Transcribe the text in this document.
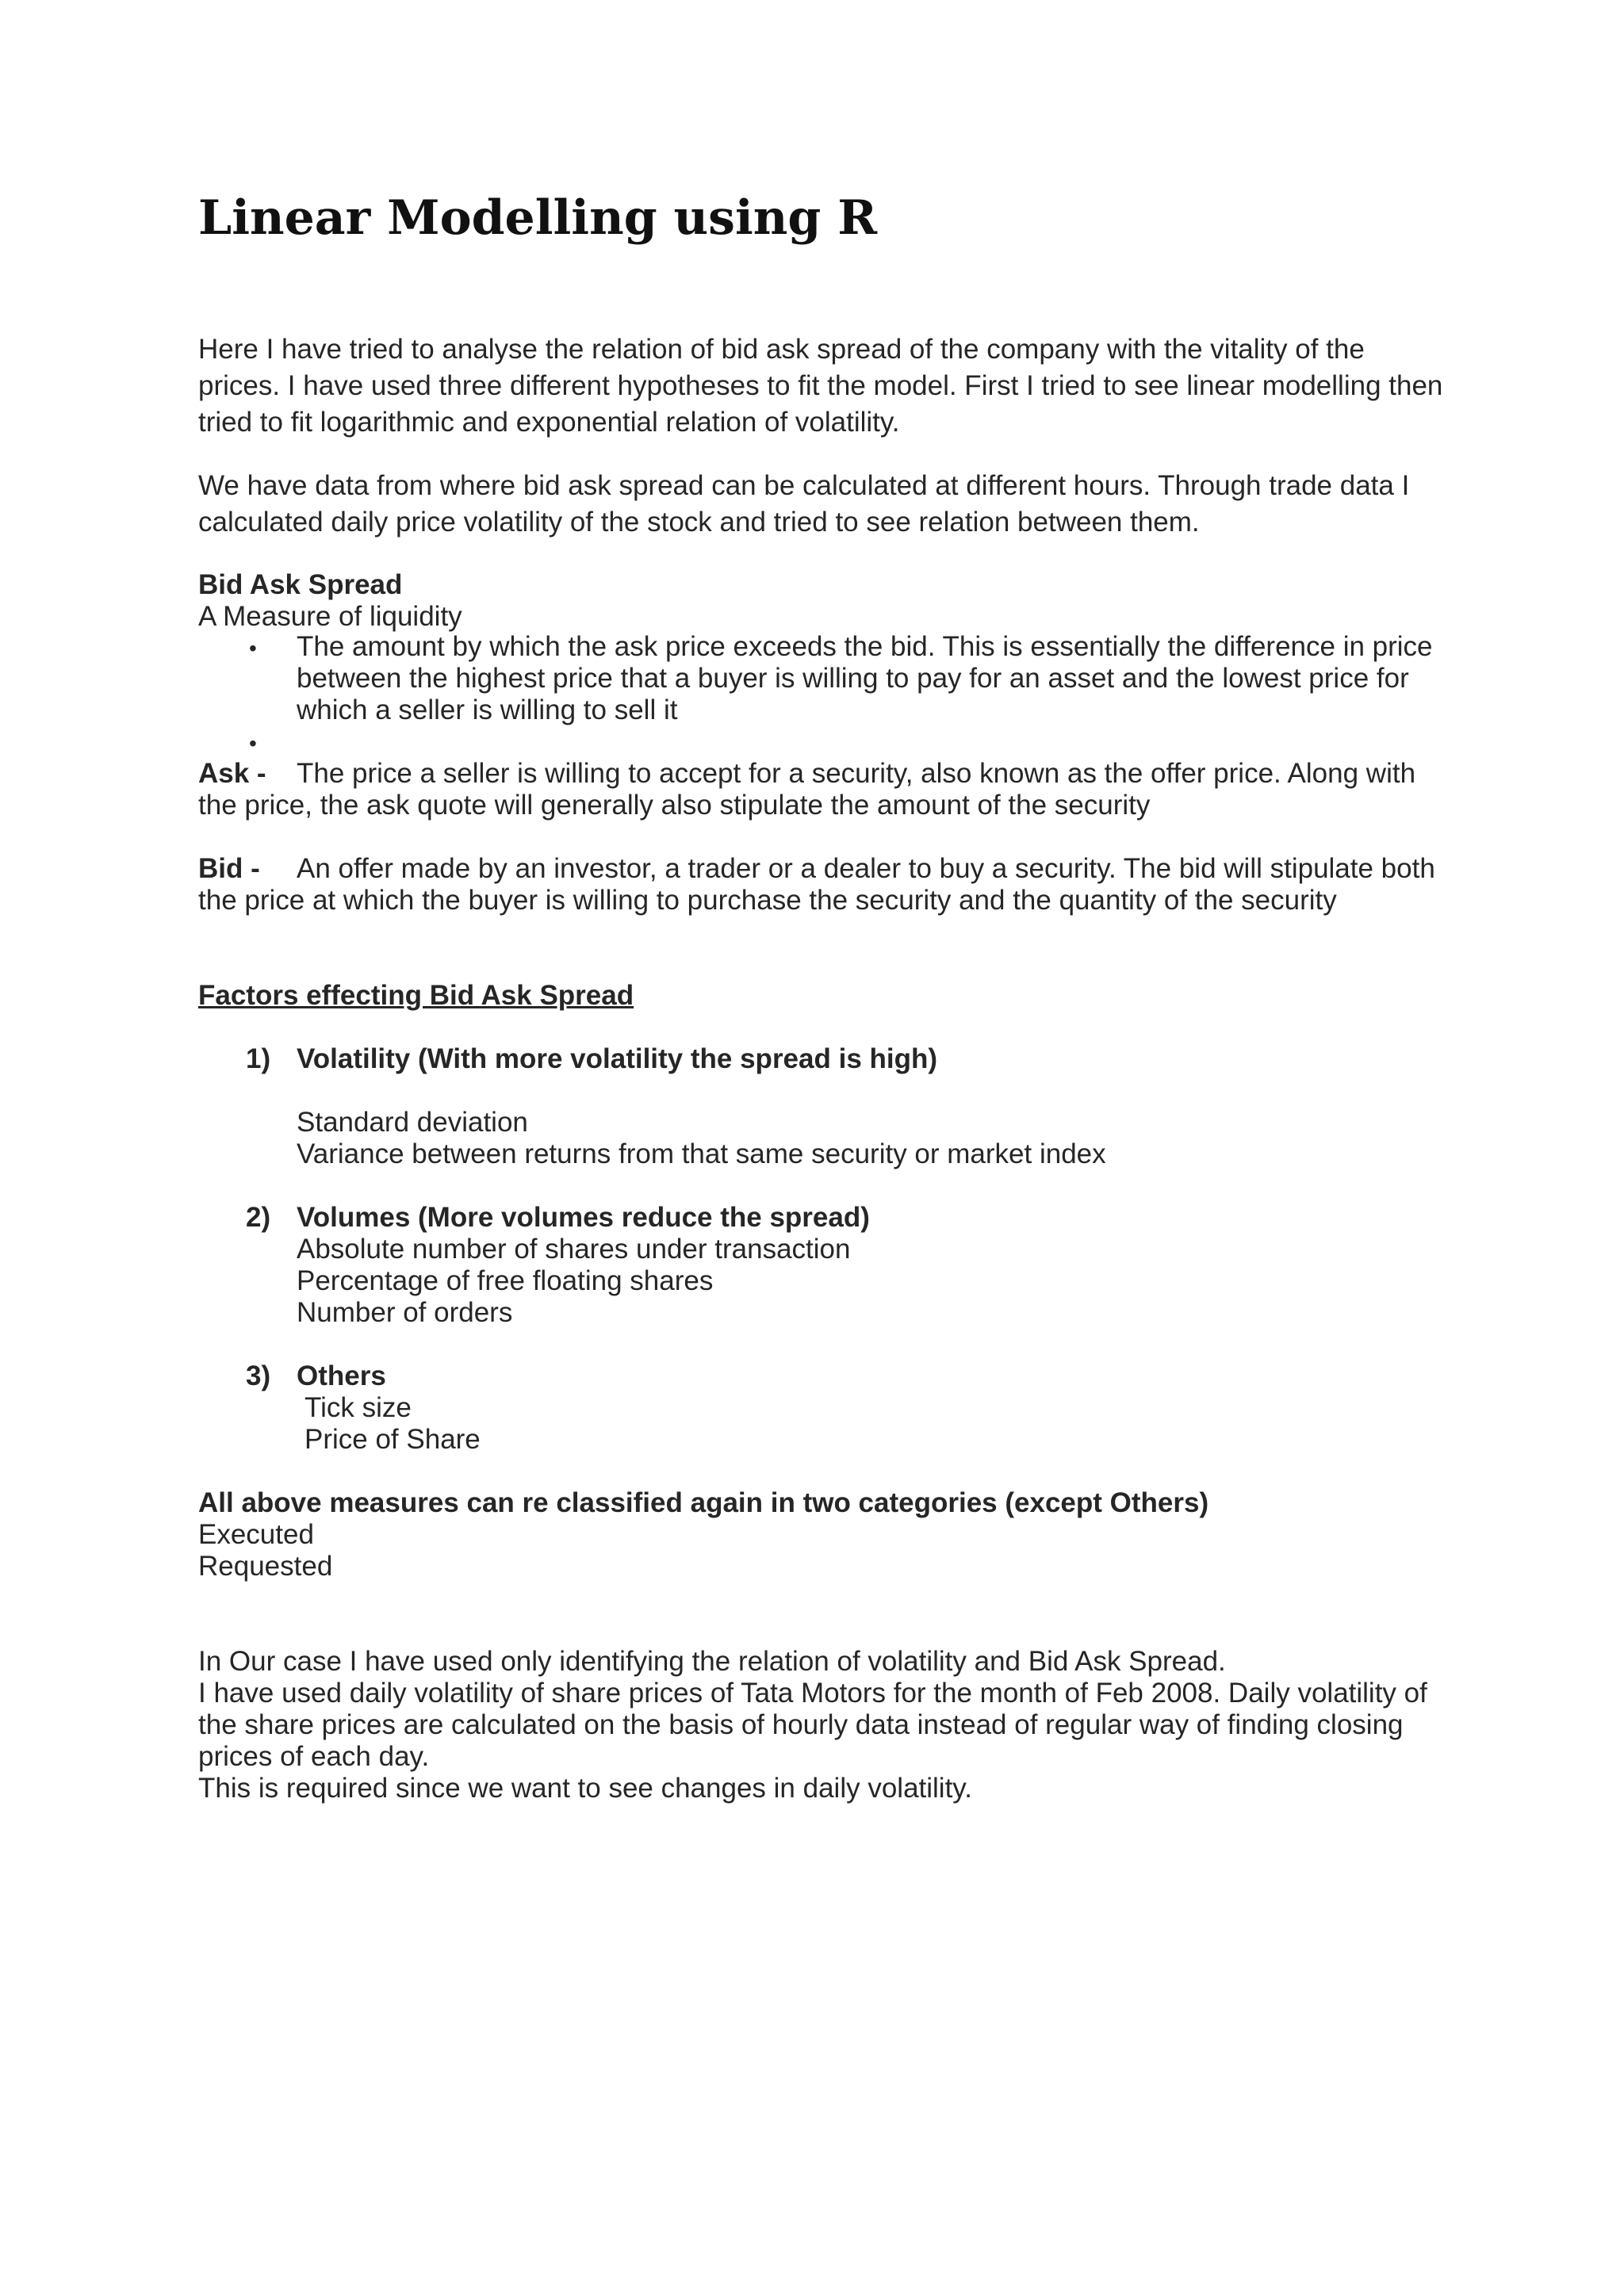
Linear Modelling using R
Here I have tried to analyse the relation of bid ask spread of the company with the vitality of the
prices. I have used three different hypotheses to fit the model. First I tried to see linear modelling then
tried to fit logarithmic and exponential relation of volatility.
We have data from where bid ask spread can be calculated at different hours. Through trade data I
calculated daily price volatility of the stock and tried to see relation between them.
Bid Ask Spread
A Measure of liquidity
• The amount by which the ask price exceeds the bid. This is essentially the difference in price
between the highest price that a buyer is willing to pay for an asset and the lowest price for
which a seller is willing to sell it
•
Ask - The price a seller is willing to accept for a security, also known as the offer price. Along with
the price, the ask quote will generally also stipulate the amount of the security
Bid - An offer made by an investor, a trader or a dealer to buy a security. The bid will stipulate both
the price at which the buyer is willing to purchase the security and the quantity of the security
Factors effecting Bid Ask Spread
1) Volatility (With more volatility the spread is high)
Standard deviation
Variance between returns from that same security or market index
2) Volumes (More volumes reduce the spread)
Absolute number of shares under transaction
Percentage of free floating shares
Number of orders
3) Others
Tick size
Price of Share
All above measures can re classified again in two categories (except Others)
Executed
Requested
In Our case I have used only identifying the relation of volatility and Bid Ask Spread.
I have used daily volatility of share prices of Tata Motors for the month of Feb 2008. Daily volatility of
the share prices are calculated on the basis of hourly data instead of regular way of finding closing
prices of each day.
This is required since we want to see changes in daily volatility.
